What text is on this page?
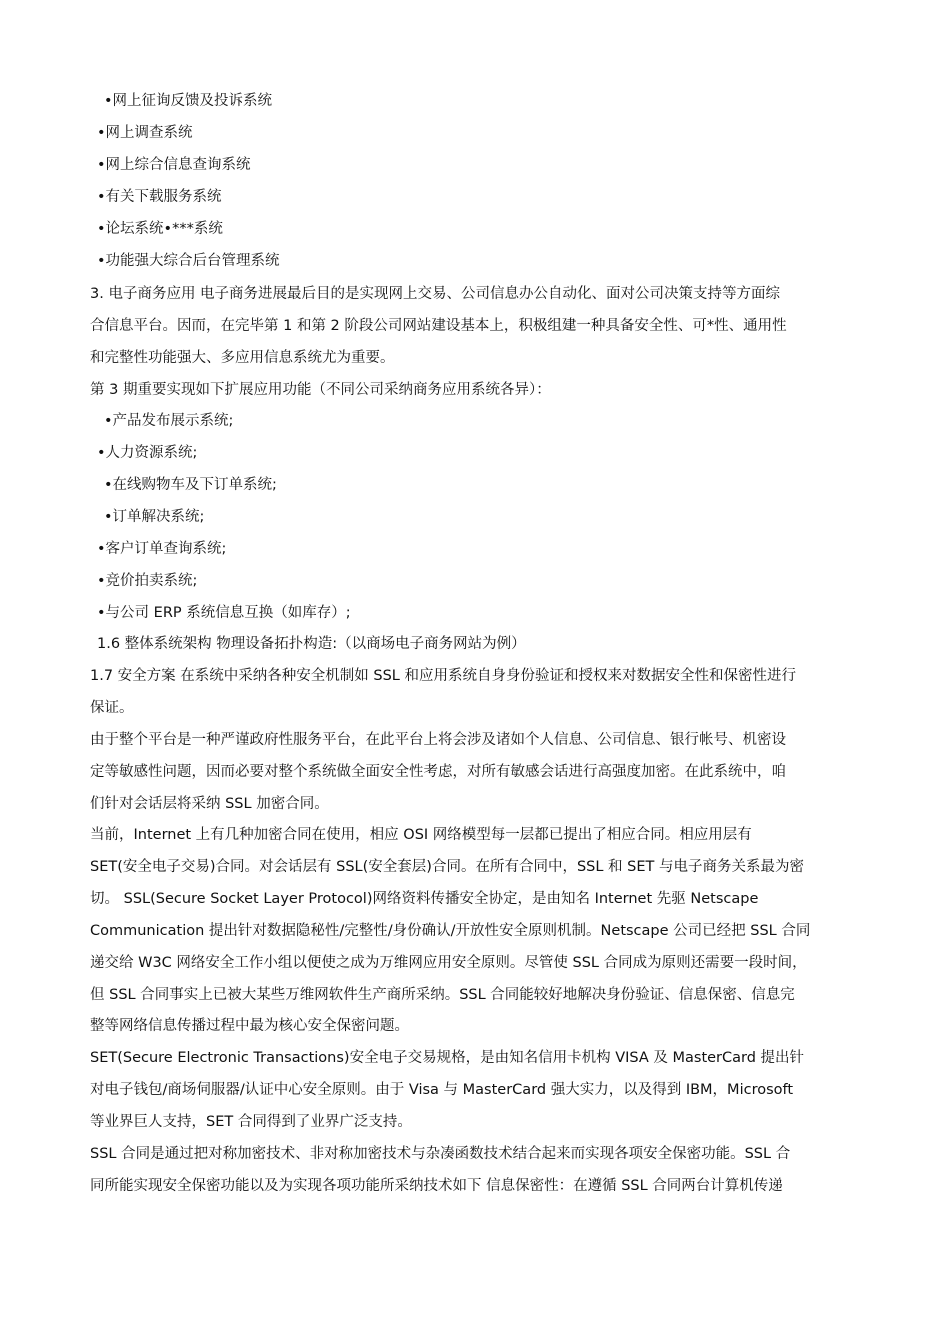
•网上征询反馈及投诉系统
•网上调查系统
•网上综合信息查询系统
•有关下载服务系统
•论坛系统•***系统
•功能强大综合后台管理系统
3. 电子商务应用 电子商务进展最后目的是实现网上交易、公司信息办公自动化、面对公司决策支持等方面综
合信息平台。因而，在完毕第 1 和第 2 阶段公司网站建设基本上，积极组建一种具备安全性、可*性、通用性
和完整性功能强大、多应用信息系统尤为重要。
第 3 期重要实现如下扩展应用功能（不同公司采纳商务应用系统各异）：
•产品发布展示系统;
•人力资源系统;
•在线购物车及下订单系统;
•订单解决系统;
•客户订单查询系统;
•竞价拍卖系统;
•与公司 ERP 系统信息互换（如库存）;
1.6 整体系统架构 物理设备拓扑构造:（以商场电子商务网站为例）
1.7 安全方案 在系统中采纳各种安全机制如 SSL 和应用系统自身身份验证和授权来对数据安全性和保密性进行
保证。
由于整个平台是一种严谨政府性服务平台，在此平台上将会涉及诸如个人信息、公司信息、银行帐号、机密设
定等敏感性问题，因而必要对整个系统做全面安全性考虑，对所有敏感会话进行高强度加密。在此系统中，咱
们针对会话层将采纳 SSL 加密合同。
当前，Internet 上有几种加密合同在使用，相应 OSI 网络模型每一层都已提出了相应合同。相应用层有
SET(安全电子交易)合同。对会话层有 SSL(安全套层)合同。在所有合同中，SSL 和 SET 与电子商务关系最为密
切。 SSL(Secure Socket Layer Protocol)网络资料传播安全协定，是由知名 Internet 先驱 Netscape
Communication 提出针对数据隐秘性/完整性/身份确认/开放性安全原则机制。Netscape 公司已经把 SSL 合同
递交给 W3C 网络安全工作小组以便使之成为万维网应用安全原则。尽管使 SSL 合同成为原则还需要一段时间，
但 SSL 合同事实上已被大某些万维网软件生产商所采纳。SSL 合同能较好地解决身份验证、信息保密、信息完
整等网络信息传播过程中最为核心安全保密问题。
SET(Secure Electronic Transactions)安全电子交易规格，是由知名信用卡机构 VISA 及 MasterCard 提出针
对电子钱包/商场伺服器/认证中心安全原则。由于 Visa 与 MasterCard 强大实力，以及得到 IBM，Microsoft
等业界巨人支持，SET 合同得到了业界广泛支持。
SSL 合同是通过把对称加密技术、非对称加密技术与杂凑函数技术结合起来而实现各项安全保密功能。SSL 合
同所能实现安全保密功能以及为实现各项功能所采纳技术如下 信息保密性：在遵循 SSL 合同两台计算机传递
